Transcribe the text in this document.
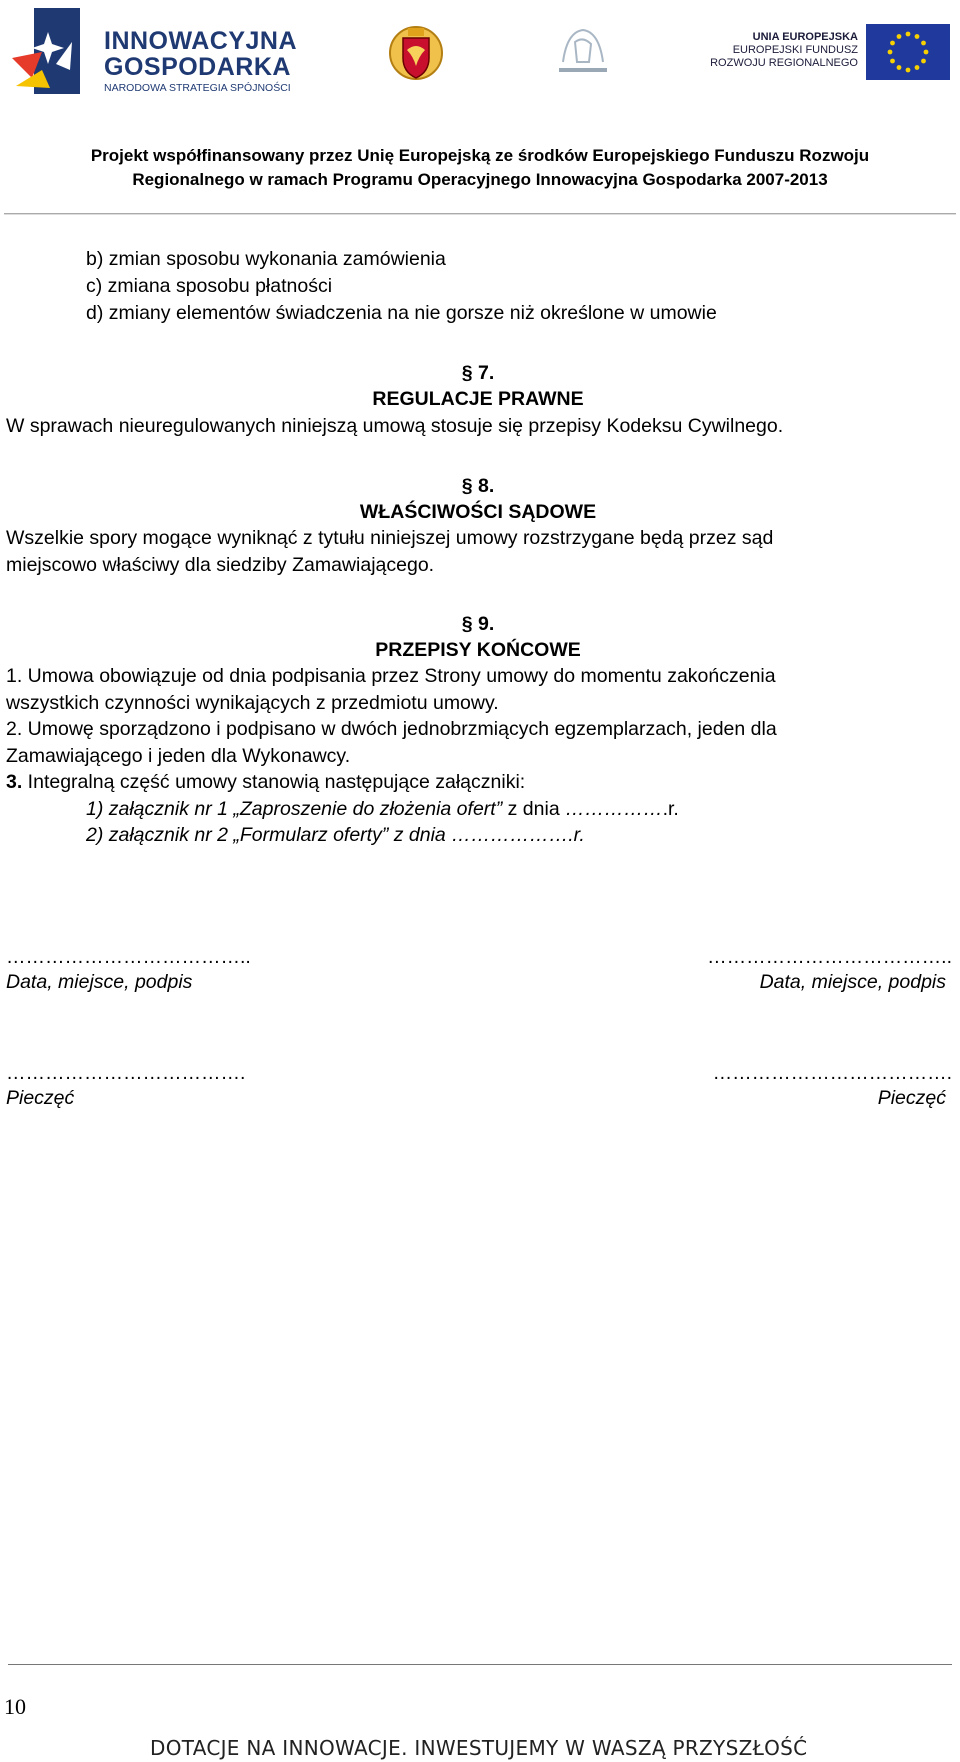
INNOWACYJNA
GOSPODARKA
NARODOWA STRATEGIA SPÓJNOŚCI
UNIA EUROPEJSKA
EUROPEJSKI FUNDUSZ
ROZWOJU REGIONALNEGO
Projekt współfinansowany przez Unię Europejską ze środków Europejskiego Funduszu Rozwoju
Regionalnego w ramach Programu Operacyjnego Innowacyjna Gospodarka 2007-2013
b) zmian sposobu wykonania zamówienia
c) zmiana sposobu płatności
d) zmiany elementów świadczenia na nie gorsze niż określone w umowie
§ 7.
REGULACJE PRAWNE
W sprawach nieuregulowanych niniejszą umową stosuje się przepisy Kodeksu Cywilnego.
§ 8.
WŁAŚCIWOŚCI SĄDOWE
Wszelkie spory mogące wyniknąć z tytułu niniejszej umowy rozstrzygane będą przez sąd
miejscowo właściwy dla siedziby Zamawiającego.
§ 9.
PRZEPISY KOŃCOWE
1. Umowa obowiązuje od dnia podpisania przez Strony umowy do momentu zakończenia
wszystkich czynności wynikających z przedmiotu umowy.
2. Umowę sporządzono i podpisano w dwóch jednobrzmiących egzemplarzach, jeden dla
Zamawiającego i jeden dla Wykonawcy.
3. Integralną część umowy stanowią następujące załączniki:
1) załącznik nr 1 „Zaproszenie do złożenia ofert” z dnia …………….r.
2) załącznik nr 2 „Formularz oferty” z dnia ……………….r.
………………………………..	………………………………..
Data, miejsce, podpis	Data, miejsce, podpis
……………………………….	……………………………….
Pieczęć	Pieczęć
10
DOTACJE NA INNOWACJE. INWESTUJEMY W WASZĄ PRZYSZŁOŚĆ
